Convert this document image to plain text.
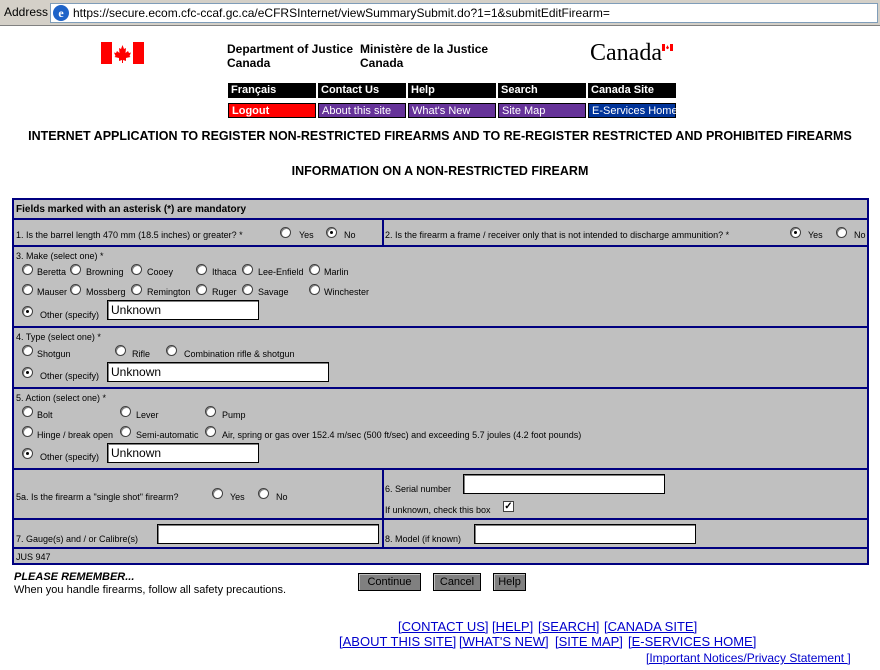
Address e https://secure.ecom.cfc-ccaf.gc.ca/eCFRSInternet/viewSummarySubmit.do?1=1&submitEditFirearm=
Department of Justice
Canada
Ministère de la Justice
Canada	Canada
Français	Contact Us	Help	Search	Canada Site
Logout	About this site	What's New	Site Map	E-Services Home
INTERNET APPLICATION TO REGISTER NON-RESTRICTED FIREARMS AND TO RE-REGISTER RESTRICTED AND PROHIBITED FIREARMS
INFORMATION ON A NON-RESTRICTED FIREARM
Fields marked with an asterisk (*) are mandatory
1. Is the barrel length 470 mm (18.5 inches) or greater? *	Yes	No	2. Is the firearm a frame / receiver only that is not intended to discharge ammunition? *	Yes	No
3. Make (select one) *
Beretta Browning	Cooey	Ithaca Lee-Enfield Marlin
Mauser Mossberg Remington Ruger Savage	Winchester
Other (specify) Unknown
4. Type (select one) *
Shotgun	Rifle	Combination rifle & shotgun
Other (specify) Unknown
5. Action (select one) *
Bolt	Lever	Pump
Hinge / break open	Semi-automatic	Air, spring or gas over 152.4 m/sec (500 ft/sec) and exceeding 5.7 joules (4.2 foot pounds)
Other (specify) Unknown
5a. Is the firearm a "single shot" firearm?	Yes	No
6. Serial number
If unknown, check this box ✓
7. Gauge(s) and / or Calibre(s)	8. Model (if known)
JUS 947
PLEASE REMEMBER...
When you handle firearms, follow all safety precautions.
Continue	Cancel	Help
[CONTACT US] [HELP] [SEARCH] [CANADA SITE]
[ABOUT THIS SITE] [WHAT'S NEW] [SITE MAP] [E-SERVICES HOME]
[Important Notices/Privacy Statement ]
